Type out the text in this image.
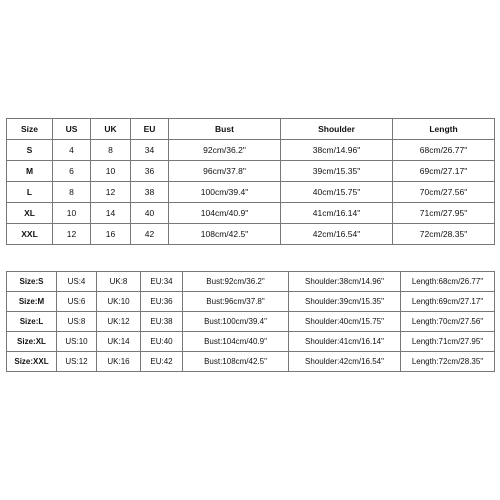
Size	US	UK	EU	Bust	Shoulder	Length
S	4	8	34	92cm/36.2"	38cm/14.96"	68cm/26.77"
M	6	10	36	96cm/37.8"	39cm/15.35"	69cm/27.17"
L	8	12	38	100cm/39.4"	40cm/15.75"	70cm/27.56"
XL	10	14	40	104cm/40.9"	41cm/16.14"	71cm/27.95"
XXL	12	16	42	108cm/42.5"	42cm/16.54"	72cm/28.35"
Size:S	US:4	UK:8	EU:34	Bust:92cm/36.2"	Shoulder:38cm/14.96"	Length:68cm/26.77"
Size:M	US:6	UK:10	EU:36	Bust:96cm/37.8"	Shoulder:39cm/15.35"	Length:69cm/27.17"
Size:L	US:8	UK:12	EU:38	Bust:100cm/39.4"	Shoulder:40cm/15.75"	Length:70cm/27.56"
Size:XL	US:10	UK:14	EU:40	Bust:104cm/40.9"	Shoulder:41cm/16.14"	Length:71cm/27.95"
Size:XXL	US:12	UK:16	EU:42	Bust:108cm/42.5"	Shoulder:42cm/16.54"	Length:72cm/28.35"
